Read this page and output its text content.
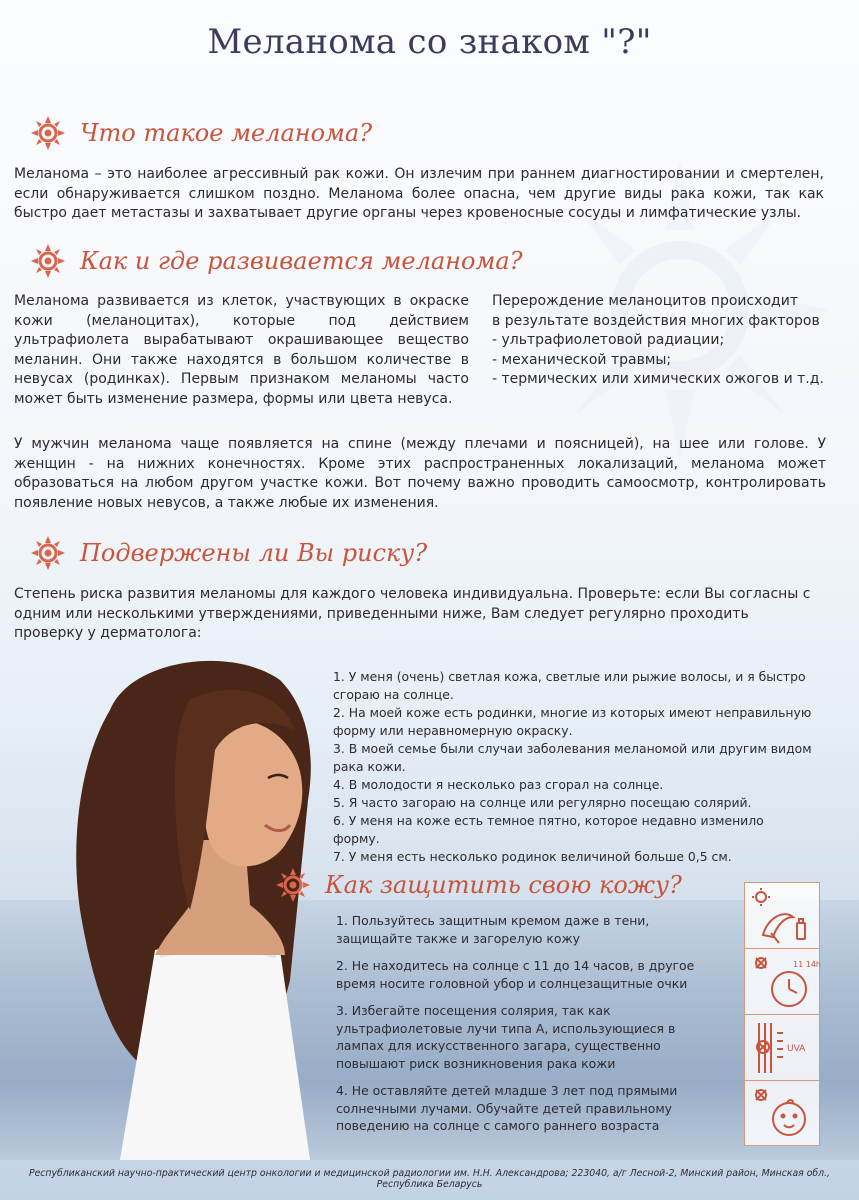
Меланома со знаком "?"
Что такое меланома?
Меланома – это наиболее агрессивный рак кожи. Он излечим при раннем диагностировании и смертелен, если обнаруживается слишком поздно. Меланома более опасна, чем другие виды рака кожи, так как быстро дает метастазы и захватывает другие органы через кровеносные сосуды и лимфатические узлы.
Как и где развивается меланома?
Меланома развивается из клеток, участвующих в окраске кожи (меланоцитах), которые под действием ультрафиолета вырабатывают окрашивающее вещество меланин. Они также находятся в большом количестве в невусах (родинках). Первым признаком меланомы часто может быть изменение размера, формы или цвета невуса.
Перерождение меланоцитов происходит
в результате воздействия многих факторов
- ультрафиолетовой радиации;
- механической травмы;
- термических или химических ожогов и т.д.
У мужчин меланома чаще появляется на спине (между плечами и поясницей), на шее или голове. У женщин - на нижних конечностях. Кроме этих распространенных локализаций, меланома может образоваться на любом другом участке кожи. Вот почему важно проводить самоосмотр, контролировать появление новых невусов, а также любые их изменения.
Подвержены ли Вы риску?
Степень риска развития меланомы для каждого человека индивидуальна. Проверьте: если Вы согласны с одним или несколькими утверждениями, приведенными ниже, Вам следует регулярно проходить проверку у дерматолога:

1. У меня (очень) светлая кожа, светлые или рыжие волосы, и я быстро сгораю на солнце.

2. На моей коже есть родинки, многие из которых имеют неправильную форму или неравномерную окраску.

3. В моей семье были случаи заболевания меланомой или другим видом рака кожи.

4. В молодости я несколько раз сгорал на солнце.

5. Я часто загораю на солнце или регулярно посещаю солярий.

6. У меня на коже есть темное пятно, которое недавно изменило форму.

7. У меня есть несколько родинок величиной больше 0,5 см.

Как защитить свою кожу?

1. Пользуйтесь защитным кремом даже в тени, защищайте также и загорелую кожу

2. Не находитесь на солнце с 11 до 14 часов, в другое время носите головной убор и солнцезащитные очки

3. Избегайте посещения солярия, так как ультрафиолетовые лучи типа А, использующиеся в лампах для искусственного загара, существенно повышают риск возникновения рака кожи

4. Не оставляйте детей младше 3 лет под прямыми солнечными лучами. Обучайте детей правильному поведению на солнце с самого раннего возраста

11 14h
UVA
Республиканский научно-практический центр онкологии и медицинской радиологии им. Н.Н. Александрова; 223040, а/г Лесной-2, Минский район, Минская обл., Республика Беларусь
